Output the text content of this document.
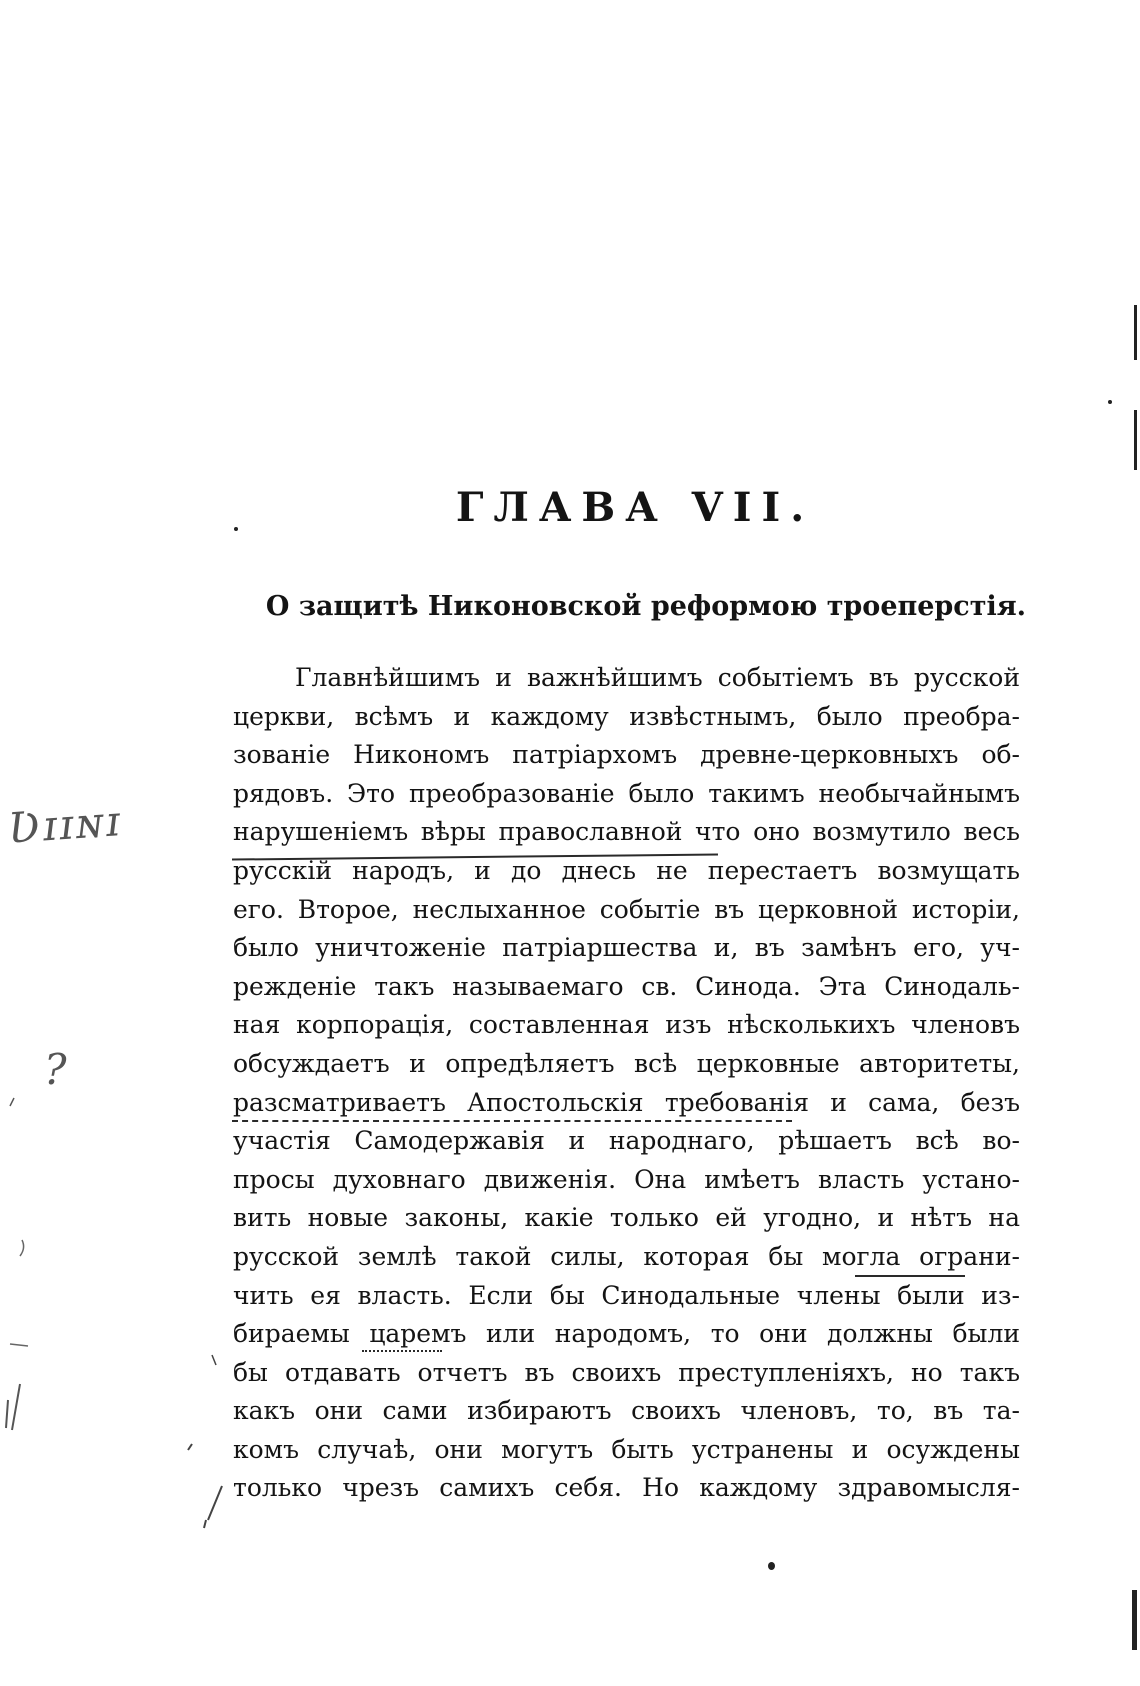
ГЛАВА VII.
О защитѣ Никоновской реформою троеперстія.
Главнѣйшимъ и важнѣйшимъ событіемъ въ русской
церкви, всѣмъ и каждому извѣстнымъ, было преобра-
зованіе Никономъ патріархомъ древне-церковныхъ об-
рядовъ. Это преобразованіе было такимъ необычайнымъ
нарушеніемъ вѣры православной что оно возмутило весь
русскій народъ, и до днесь не перестаетъ возмущать
его. Второе, неслыханное событіе въ церковной исторіи,
было уничтоженіе патріаршества и, въ замѣнъ его, уч-
режденіе такъ называемаго св. Синода. Эта Синодаль-
ная корпорація, составленная изъ нѣсколькихъ членовъ
обсуждаетъ и опредѣляетъ всѣ церковные авторитеты,
разсматриваетъ Апостольскія требованія и сама, безъ
участія Самодержавія и народнаго, рѣшаетъ всѣ во-
просы духовнаго движенія. Она имѣетъ власть устано-
вить новые законы, какіе только ей угодно, и нѣтъ на
русской землѣ такой силы, которая бы могла ограни-
чить ея власть. Если бы Синодальные члены были из-
бираемы царемъ или народомъ, то они должны были
бы отдавать отчетъ въ своихъ преступленіяхъ, но такъ
какъ они сами избираютъ своихъ членовъ, то, въ та-
комъ случаѣ, они могутъ быть устранены и осуждены
только чрезъ самихъ себя. Но каждому здравомысля-
Ʋɪɪɴɪ
?
